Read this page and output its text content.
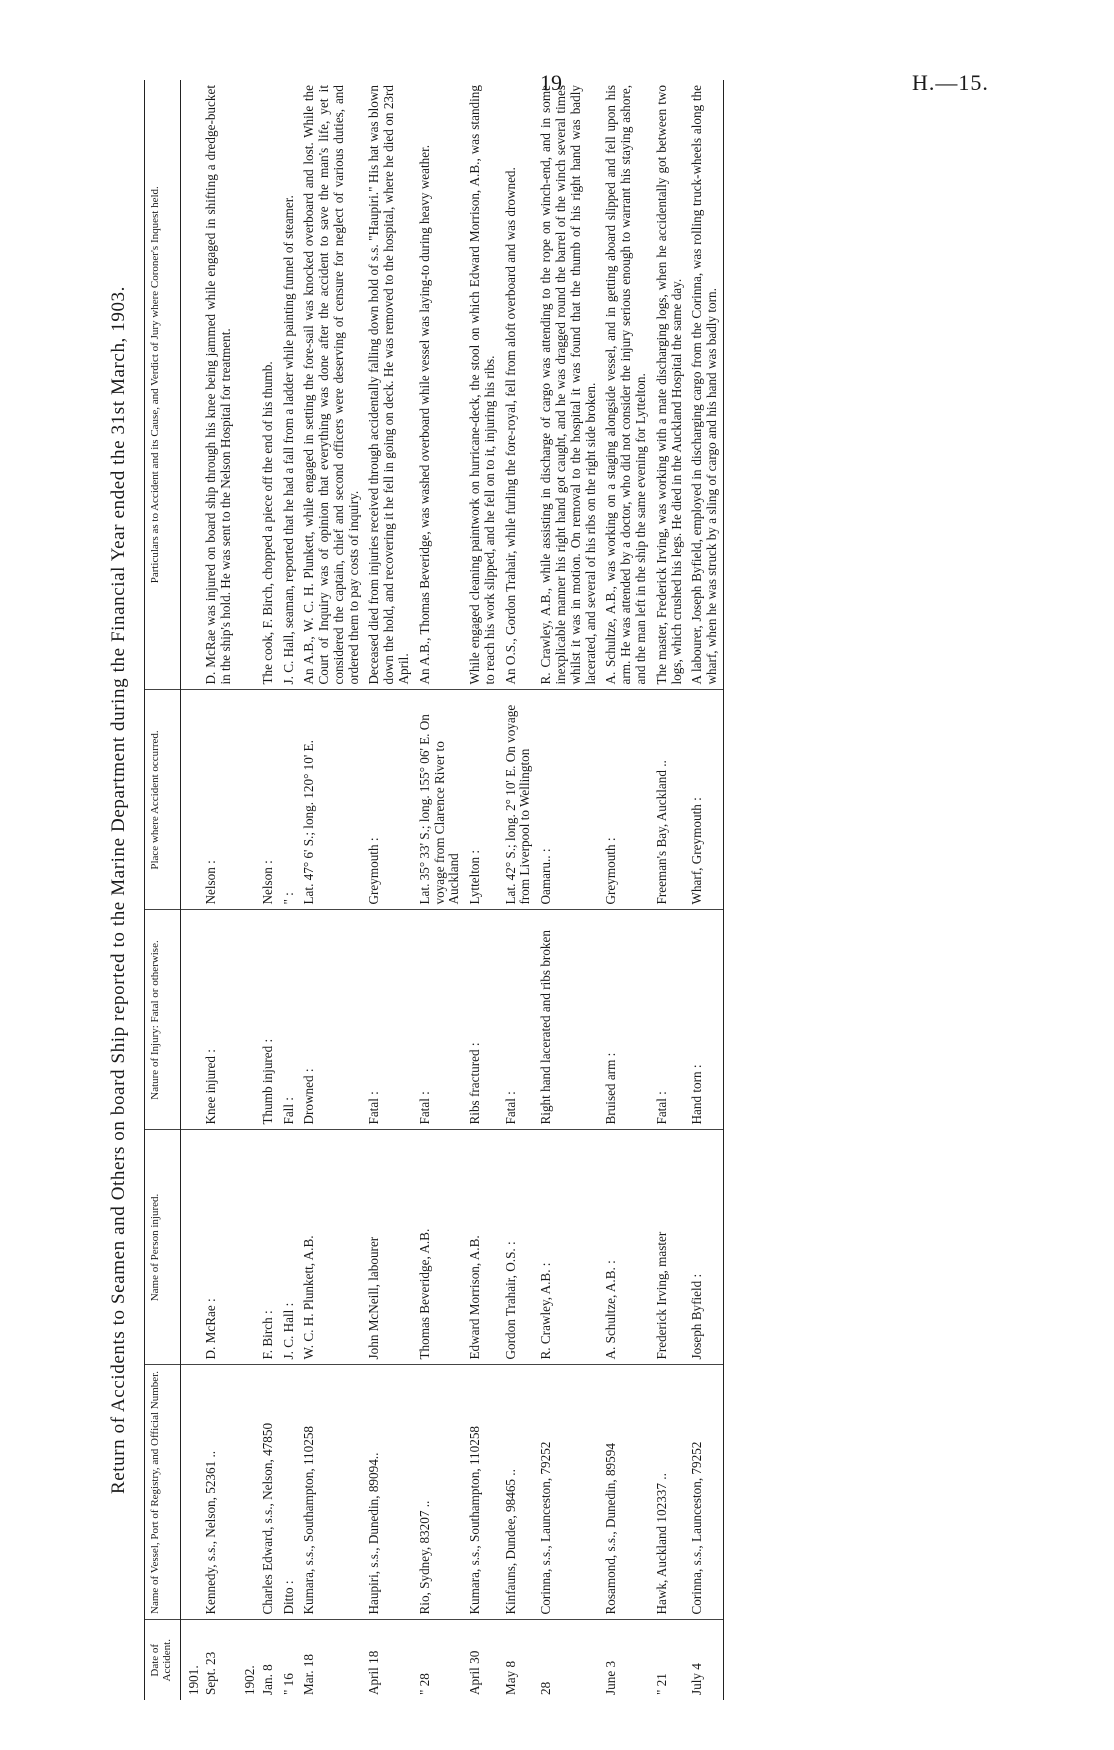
19	H.—15.
Return of Accidents to Seamen and Others on board Ship reported to the Marine Department during the Financial Year ended the 31st March, 1903.
Date of Accident.	Name of Vessel, Port of Registry, and Official Number.	Name of Person injured.	Nature of Injury: Fatal or otherwise.	Place where Accident occurred.	Particulars as to Accident and its Cause, and Verdict of Jury where Coroner's Inquest held.
1901.					
Sept. 23	Kennedy, s.s., Nelson, 52361 ..	D. McRae :	Knee injured :	Nelson :	D. McRae was injured on board ship through his knee being jammed while engaged in shifting a dredge-bucket in the ship's hold. He was sent to the Nelson Hospital for treatment.
1902.					
Jan. 8	Charles Edward, s.s., Nelson, 47850	F. Birch :	Thumb injured :	Nelson :	The cook, F. Birch, chopped a piece off the end of his thumb.
" 16	Ditto :	J. C. Hall :	Fall :	" :	J. C. Hall, seaman, reported that he had a fall from a ladder while painting funnel of steamer.
Mar. 18	Kumara, s.s., Southampton, 110258	W. C. H. Plunkett, A.B.	Drowned :	Lat. 47° 6' S.; long. 120° 10' E.	An A.B., W. C. H. Plunkett, while engaged in setting the fore-sail was knocked overboard and lost. While the Court of Inquiry was of opinion that everything was done after the accident to save the man's life, yet it considered the captain, chief and second officers were deserving of censure for neglect of various duties, and ordered them to pay costs of inquiry.
April 18	Haupiri, s.s., Dunedin, 89094..	John McNeill, labourer	Fatal :	Greymouth :	Deceased died from injuries received through accidentally falling down hold of s.s. "Haupiri." His hat was blown down the hold, and recovering it he fell in going on deck. He was removed to the hospital, where he died on 23rd April.
" 28	Rio, Sydney, 83207 ..	Thomas Beveridge, A.B.	Fatal :	Lat. 35° 33' S.; long. 155° 06' E. On voyage from Clarence River to Auckland	An A.B., Thomas Beveridge, was washed overboard while vessel was laying-to during heavy weather.
April 30	Kumara, s.s., Southampton, 110258	Edward Morrison, A.B.	Ribs fractured :	Lyttelton :	While engaged cleaning paintwork on hurricane-deck, the stool on which Edward Morrison, A.B., was standing to reach his work slipped, and he fell on to it, injuring his ribs.
May 8	Kinfauns, Dundee, 98465 ..	Gordon Trahair, O.S. :	Fatal :	Lat. 42° S.; long. 2° 10' E. On voyage from Liverpool to Wellington	An O.S., Gordon Trahair, while furling the fore-royal, fell from aloft overboard and was drowned.
28	Corinna, s.s., Launceston, 79252	R. Crawley, A.B. :	Right hand lacerated and ribs broken	Oamaru.. :	R. Crawley, A.B., while assisting in discharge of cargo was attending to the rope on winch-end, and in some inexplicable manner his right hand got caught, and he was dragged round the barrel of the winch several times whilst it was in motion. On removal to the hospital it was found that the thumb of his right hand was badly lacerated, and several of his ribs on the right side broken.
June 3	Rosamond, s.s., Dunedin, 89594	A. Schultze, A.B. :	Bruised arm :	Greymouth :	A. Schultze, A.B., was working on a staging alongside vessel, and in getting aboard slipped and fell upon his arm. He was attended by a doctor, who did not consider the injury serious enough to warrant his staying ashore, and the man left in the ship the same evening for Lyttelton.
" 21	Hawk, Auckland 102337 ..	Frederick Irving, master	Fatal :	Freeman's Bay, Auckland ..	The master, Frederick Irving, was working with a mate discharging logs, when he accidentally got between two logs, which crushed his legs. He died in the Auckland Hospital the same day.
July 4	Corinna, s.s., Launceston, 79252	Joseph Byfield :	Hand torn :	Wharf, Greymouth :	A labourer, Joseph Byfield, employed in discharging cargo from the Corinna, was rolling truck-wheels along the wharf, when he was struck by a sling of cargo and his hand was badly torn.
